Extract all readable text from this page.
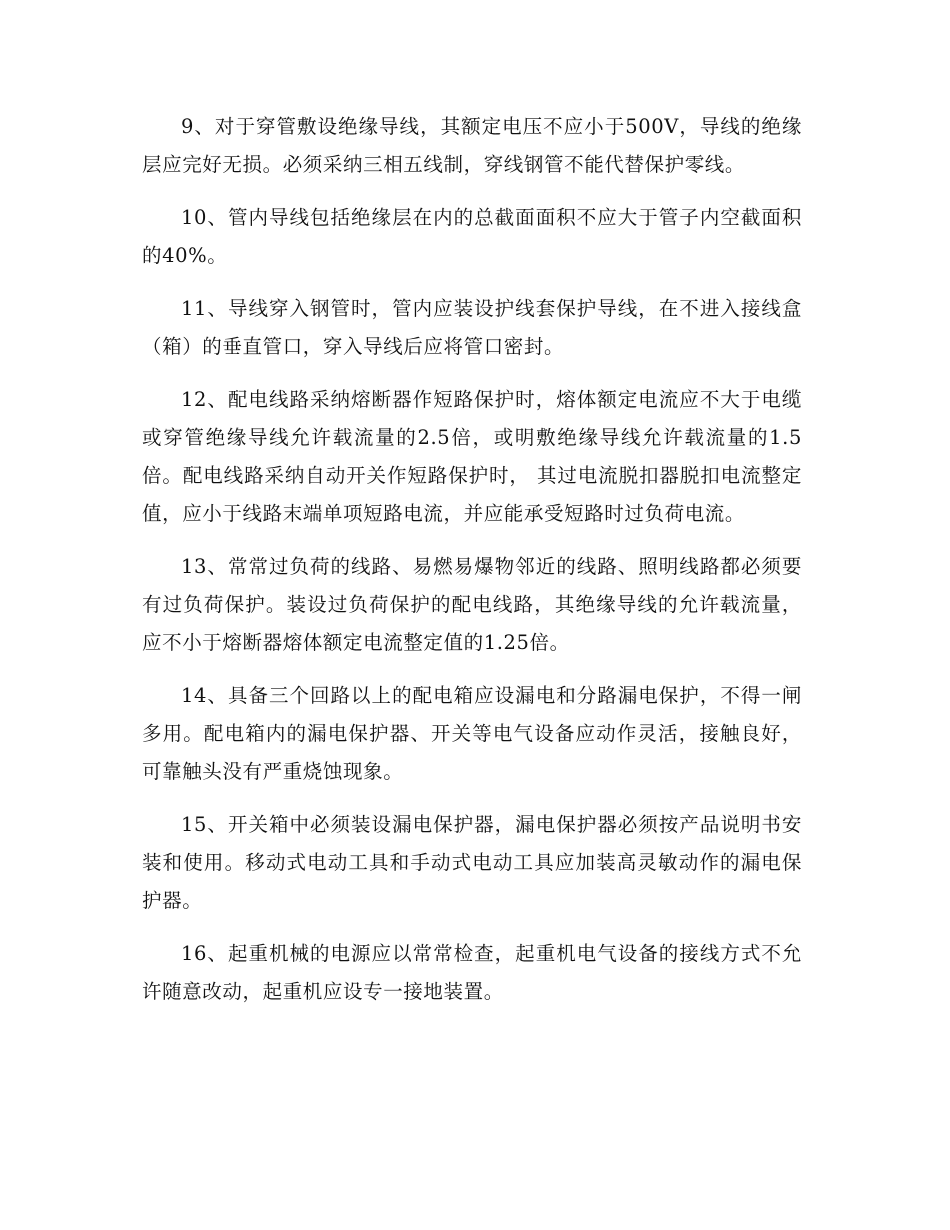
9、对于穿管敷设绝缘导线，其额定电压不应小于500V，导线的绝缘层应完好无损。必须采纳三相五线制，穿线钢管不能代替保护零线。

10、管内导线包括绝缘层在内的总截面面积不应大于管子内空截面积的40%。

11、导线穿入钢管时，管内应装设护线套保护导线，在不进入接线盒（箱）的垂直管口，穿入导线后应将管口密封。

12、配电线路采纳熔断器作短路保护时，熔体额定电流应不大于电缆或穿管绝缘导线允许载流量的2.5倍，或明敷绝缘导线允许载流量的1.5倍。配电线路采纳自动开关作短路保护时， 其过电流脱扣器脱扣电流整定值，应小于线路末端单项短路电流，并应能承受短路时过负荷电流。

13、常常过负荷的线路、易燃易爆物邻近的线路、照明线路都必须要有过负荷保护。装设过负荷保护的配电线路，其绝缘导线的允许载流量，应不小于熔断器熔体额定电流整定值的1.25倍。

14、具备三个回路以上的配电箱应设漏电和分路漏电保护，不得一闸多用。配电箱内的漏电保护器、开关等电气设备应动作灵活，接触良好，可靠触头没有严重烧蚀现象。

15、开关箱中必须装设漏电保护器，漏电保护器必须按产品说明书安装和使用。移动式电动工具和手动式电动工具应加装高灵敏动作的漏电保护器。

16、起重机械的电源应以常常检查，起重机电气设备的接线方式不允许随意改动，起重机应设专一接地装置。
